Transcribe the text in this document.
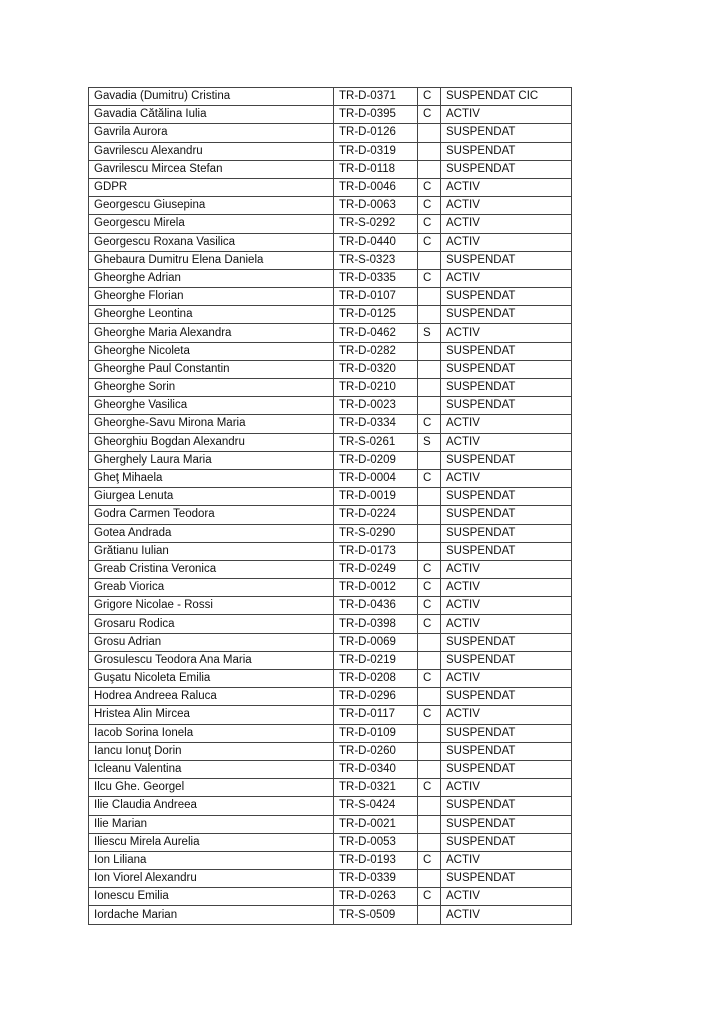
Gavadia (Dumitru) Cristina	TR-D-0371	C	SUSPENDAT CIC
Gavadia Cătălina Iulia	TR-D-0395	C	ACTIV
Gavrila Aurora	TR-D-0126		SUSPENDAT
Gavrilescu Alexandru	TR-D-0319		SUSPENDAT
Gavrilescu Mircea Stefan	TR-D-0118		SUSPENDAT
GDPR	TR-D-0046	C	ACTIV
Georgescu Giusepina	TR-D-0063	C	ACTIV
Georgescu Mirela	TR-S-0292	C	ACTIV
Georgescu Roxana Vasilica	TR-D-0440	C	ACTIV
Ghebaura Dumitru Elena Daniela	TR-S-0323		SUSPENDAT
Gheorghe Adrian	TR-D-0335	C	ACTIV
Gheorghe Florian	TR-D-0107		SUSPENDAT
Gheorghe Leontina	TR-D-0125		SUSPENDAT
Gheorghe Maria Alexandra	TR-D-0462	S	ACTIV
Gheorghe Nicoleta	TR-D-0282		SUSPENDAT
Gheorghe Paul Constantin	TR-D-0320		SUSPENDAT
Gheorghe Sorin	TR-D-0210		SUSPENDAT
Gheorghe Vasilica	TR-D-0023		SUSPENDAT
Gheorghe-Savu Mirona Maria	TR-D-0334	C	ACTIV
Gheorghiu Bogdan Alexandru	TR-S-0261	S	ACTIV
Gherghely Laura Maria	TR-D-0209		SUSPENDAT
Gheţ Mihaela	TR-D-0004	C	ACTIV
Giurgea Lenuta	TR-D-0019		SUSPENDAT
Godra Carmen Teodora	TR-D-0224		SUSPENDAT
Gotea Andrada	TR-S-0290		SUSPENDAT
Grătianu Iulian	TR-D-0173		SUSPENDAT
Greab Cristina Veronica	TR-D-0249	C	ACTIV
Greab Viorica	TR-D-0012	C	ACTIV
Grigore Nicolae - Rossi	TR-D-0436	C	ACTIV
Grosaru Rodica	TR-D-0398	C	ACTIV
Grosu Adrian	TR-D-0069		SUSPENDAT
Grosulescu Teodora Ana Maria	TR-D-0219		SUSPENDAT
Guşatu Nicoleta Emilia	TR-D-0208	C	ACTIV
Hodrea Andreea Raluca	TR-D-0296		SUSPENDAT
Hristea Alin Mircea	TR-D-0117	C	ACTIV
Iacob Sorina Ionela	TR-D-0109		SUSPENDAT
Iancu Ionuţ Dorin	TR-D-0260		SUSPENDAT
Icleanu Valentina	TR-D-0340		SUSPENDAT
Ilcu Ghe. Georgel	TR-D-0321	C	ACTIV
Ilie Claudia Andreea	TR-S-0424		SUSPENDAT
Ilie Marian	TR-D-0021		SUSPENDAT
Iliescu Mirela Aurelia	TR-D-0053		SUSPENDAT
Ion Liliana	TR-D-0193	C	ACTIV
Ion Viorel Alexandru	TR-D-0339		SUSPENDAT
Ionescu Emilia	TR-D-0263	C	ACTIV
Iordache Marian	TR-S-0509		ACTIV
